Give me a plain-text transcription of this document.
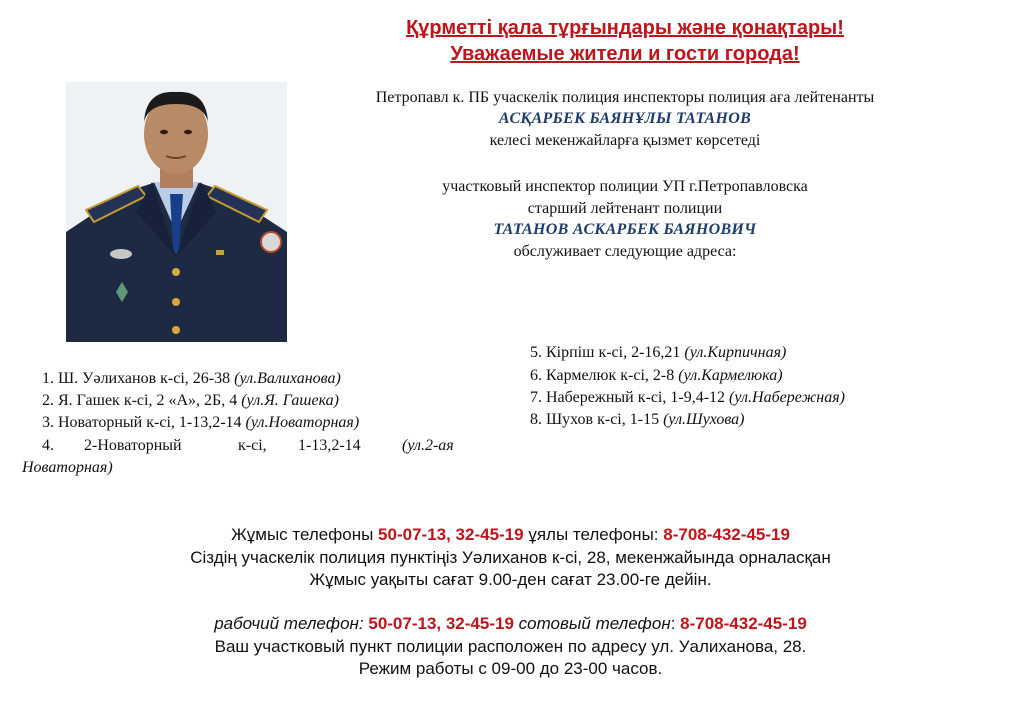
Құрметті қала тұрғындары және қонақтары!
Уважаемые жители и гости города!
Петропавл к. ПБ учаскелік полиция инспекторы полиция аға лейтенанты
АСҚАРБЕК БАЯНҰЛЫ ТАТАНОВ
келесі мекенжайларға қызмет көрсетеді
участковый инспектор полиции УП г.Петропавловска
старший лейтенант полиции
ТАТАНОВ АСКАРБЕК БАЯНОВИЧ
обслуживает следующие адреса:
1. Ш. Уәлиханов к-сі, 26-38 (ул.Валиханова)
2. Я. Гашек к-сі, 2 «А», 2Б, 4 (ул.Я. Гашека)
3. Новаторный к-сі, 1-13,2-14 (ул.Новаторная)
4. 2-Новаторный	к-сі, 1-13,2-14	(ул.2-ая
Новаторная)
5. Кірпіш к-сі, 2-16,21 (ул.Кирпичная)
6. Кармелюк к-сі, 2-8 (ул.Кармелюка)
7. Набережный к-сі, 1-9,4-12 (ул.Набережная)
8. Шухов к-сі, 1-15 (ул.Шухова)
Жұмыс телефоны 50-07-13, 32-45-19 ұялы телефоны: 8-708-432-45-19
Сіздің учаскелік полиция пунктіңіз Уәлиханов к-сі, 28, мекенжайында орналасқан
Жұмыс уақыты сағат 9.00-ден сағат 23.00-ге дейін.
рабочий телефон: 50-07-13, 32-45-19 сотовый телефон: 8-708-432-45-19
Ваш участковый пункт полиции расположен по адресу ул. Уалиханова, 28.
Режим работы с 09-00 до 23-00 часов.
